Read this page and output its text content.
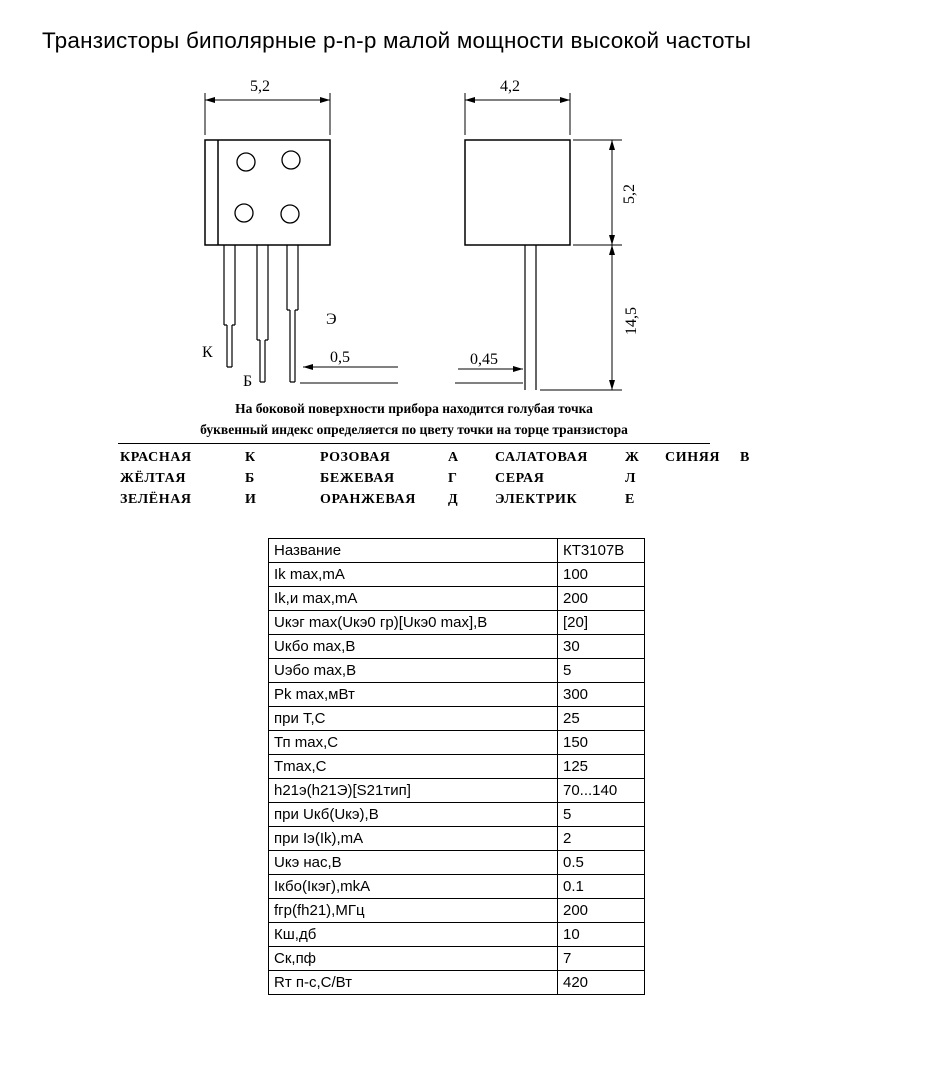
Транзисторы биполярные p-n-p малой мощности высокой частоты
5,2
0,5
4,2
5,2
14,5
0,45
К
Б
Э
На боковой поверхности прибора находится голубая точка
буквенный индекс определяется по цвету точки на торце транзистора
КРАСНАЯ	К	РОЗОВАЯ	А	САЛАТОВАЯ	Ж	СИНЯЯ	В
ЖЁЛТАЯ	Б	БЕЖЕВАЯ	Г	СЕРАЯ	Л
ЗЕЛЁНАЯ	И	ОРАНЖЕВАЯ	Д	ЭЛЕКТРИК	Е
Название	КТ3107В
Ik max,mA	100
Ik,и max,mA	200
Uкэг max(Uкэ0 гр)[Uкэ0 max],В	[20]
Uкбо max,В	30
Uэбо max,В	5
Pk max,мВт	300
при Т,С	25
Тп max,С	150
Tmax,С	125
h21э(h21Э)[S21тип]	70...140
при Uкб(Uкэ),В	5
при Iэ(Ik),mA	2
Uкэ нас,В	0.5
Iкбо(Iкэг),mkA	0.1
fгр(fh21),МГц	200
Кш,дб	10
Ск,пф	7
Rт п-с,С/Вт	420
